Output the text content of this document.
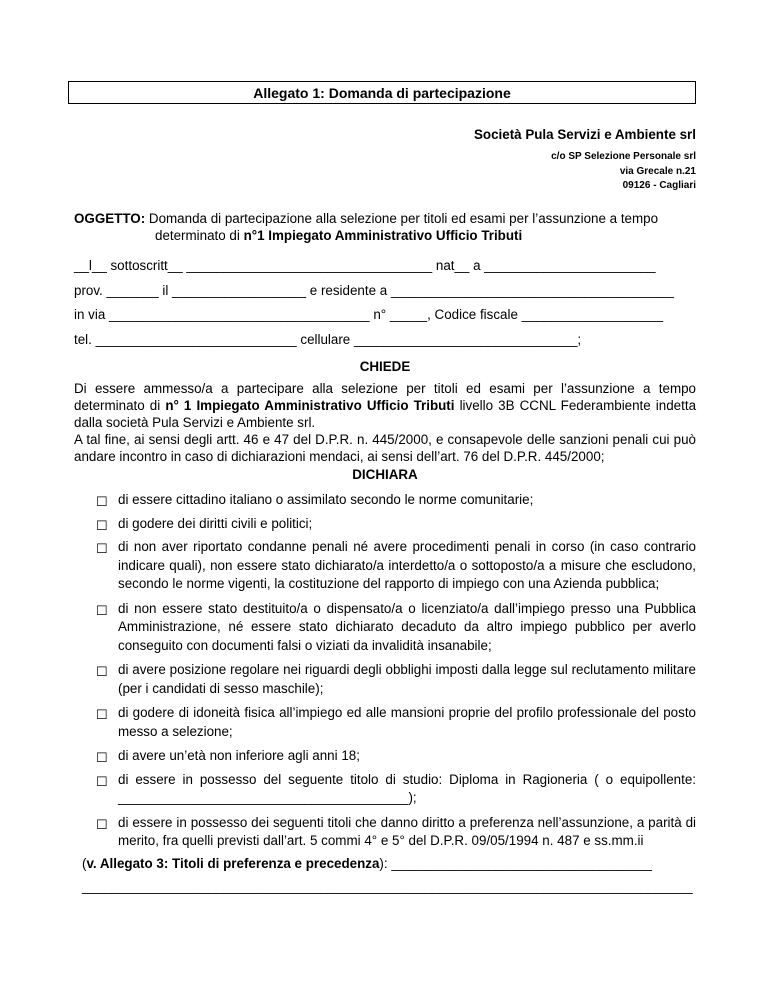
Allegato 1: Domanda di partecipazione
Società Pula Servizi e Ambiente srl
c/o SP Selezione Personale srl
via Grecale n.21
09126 - Cagliari
OGGETTO: Domanda di partecipazione alla selezione per titoli ed esami per l’assunzione a tempo
determinato di n°1 Impiegato Amministrativo Ufficio Tributi
__l__ sottoscritt__ _________________________________ nat__ a _______________________
prov. _______ il __________________ e residente a ______________________________________
in via ___________________________________ n° _____, Codice fiscale ___________________
tel. ___________________________ cellulare ______________________________;
CHIEDE
Di essere ammesso/a a partecipare alla selezione per titoli ed esami per l’assunzione a tempo determinato di n° 1 Impiegato Amministrativo Ufficio Tributi livello 3B CCNL Federambiente indetta dalla società Pula Servizi e Ambiente srl.
A tal fine, ai sensi degli artt. 46 e 47 del D.P.R. n. 445/2000, e consapevole delle sanzioni penali cui può andare incontro in caso di dichiarazioni mendaci, ai sensi dell’art. 76 del D.P.R. 445/2000;
DICHIARA
☐ di essere cittadino italiano o assimilato secondo le norme comunitarie;
☐ di godere dei diritti civili e politici;
☐ di non aver riportato condanne penali né avere procedimenti penali in corso (in caso contrario indicare quali), non essere stato dichiarato/a interdetto/a o sottoposto/a a misure che escludono, secondo le norme vigenti, la costituzione del rapporto di impiego con una Azienda pubblica;
☐ di non essere stato destituito/a o dispensato/a o licenziato/a dall’impiego presso una Pubblica Amministrazione, né essere stato dichiarato decaduto da altro impiego pubblico per averlo conseguito con documenti falsi o viziati da invalidità insanabile;
☐ di avere posizione regolare nei riguardi degli obblighi imposti dalla legge sul reclutamento militare (per i candidati di sesso maschile);
☐ di godere di idoneità fisica all’impiego ed alle mansioni proprie del profilo professionale del posto messo a selezione;
☐ di avere un’età non inferiore agli anni 18;
☐ di essere in possesso del seguente titolo di studio: Diploma in Ragioneria ( o equipollente: _______________________________________);
☐ di essere in possesso dei seguenti titoli che danno diritto a preferenza nell’assunzione, a parità di merito, fra quelli previsti dall’art. 5 commi 4° e 5° del D.P.R. 09/05/1994 n. 487 e ss.mm.ii
(v. Allegato 3: Titoli di preferenza e precedenza): ___________________________________
__________________________________________________________________________________
